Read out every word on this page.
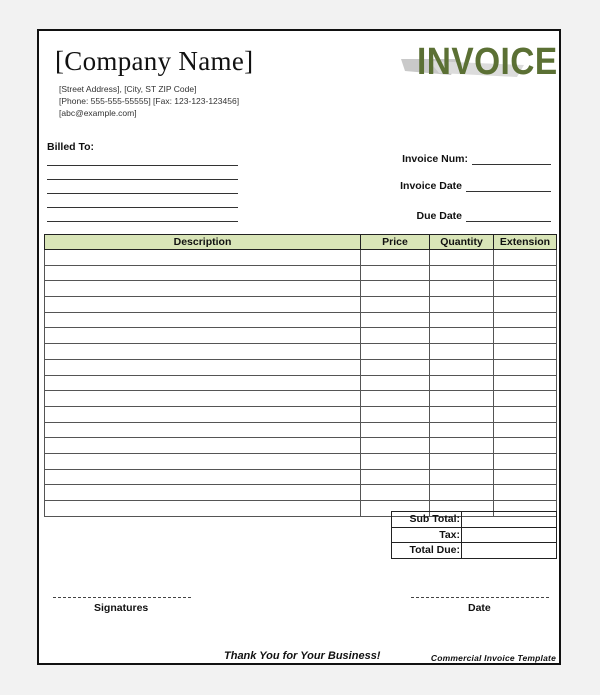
[Company Name]
[Street Address], [City, ST ZIP Code]
[Phone: 555-555-55555] [Fax: 123-123-123456]
[abc@example.com]
INVOICE
Billed To:
Invoice Num:
Invoice Date
Due Date
Description	Price	Quantity	Extension

Sub Total:	
Tax:	
Total Due:	
Signatures	Date
Thank You for Your Business!	Commercial Invoice Template
